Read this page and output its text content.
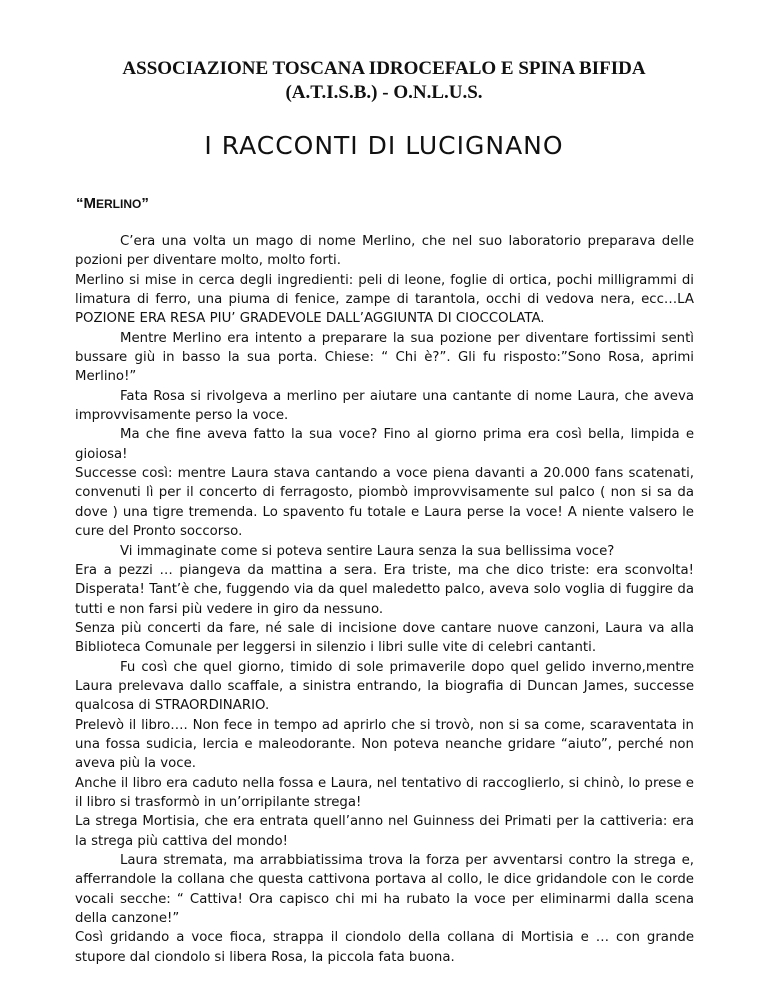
ASSOCIAZIONE TOSCANA IDROCEFALO E SPINA BIFIDA
(A.T.I.S.B.) - O.N.L.U.S.
I RACCONTI DI LUCIGNANO
“MERLINO”

C’era una volta un mago di nome Merlino, che nel suo laboratorio preparava delle pozioni per diventare molto, molto forti.

Merlino si mise in cerca degli ingredienti: peli di leone, foglie di ortica, pochi milligrammi di limatura di ferro, una piuma di fenice, zampe di tarantola, occhi di vedova nera, ecc…LA POZIONE ERA RESA PIU’ GRADEVOLE DALL’AGGIUNTA DI CIOCCOLATA.

Mentre Merlino era intento a preparare la sua pozione per diventare fortissimi sentì bussare giù in basso la sua porta. Chiese: “ Chi è?”. Gli fu risposto:”Sono Rosa, aprimi Merlino!”

Fata Rosa si rivolgeva a merlino per aiutare una cantante di nome Laura, che aveva improvvisamente perso la voce.

Ma che fine aveva fatto la sua voce? Fino al giorno prima era così bella, limpida e gioiosa!

Successe così: mentre Laura stava cantando a voce piena davanti a 20.000 fans scatenati, convenuti lì per il concerto di ferragosto, piombò improvvisamente sul palco ( non si sa da dove ) una tigre tremenda. Lo spavento fu totale e Laura perse la voce! A niente valsero le cure del Pronto soccorso.

Vi immaginate come si poteva sentire Laura senza la sua bellissima voce?

Era a pezzi … piangeva da mattina a sera. Era triste, ma che dico triste: era sconvolta! Disperata! Tant’è che, fuggendo via da quel maledetto palco, aveva solo voglia di fuggire da tutti e non farsi più vedere in giro da nessuno.

Senza più concerti da fare, né sale di incisione dove cantare nuove canzoni, Laura va alla Biblioteca Comunale per leggersi in silenzio i libri sulle vite di celebri cantanti.

Fu così che quel giorno, timido di sole primaverile dopo quel gelido inverno,mentre Laura prelevava dallo scaffale, a sinistra entrando, la biografia di Duncan James, successe qualcosa di STRAORDINARIO.

Prelevò il libro…. Non fece in tempo ad aprirlo che si trovò, non si sa come, scaraventata in una fossa sudicia, lercia e maleodorante. Non poteva neanche gridare “aiuto”, perché non aveva più la voce.

Anche il libro era caduto nella fossa e Laura, nel tentativo di raccoglierlo, si chinò, lo prese e il libro si trasformò in un’orripilante strega!

La strega Mortisia, che era entrata quell’anno nel Guinness dei Primati per la cattiveria: era la strega più cattiva del mondo!

Laura stremata, ma arrabbiatissima trova la forza per avventarsi contro la strega e, afferrandole la collana che questa cattivona portava al collo, le dice gridandole con le corde vocali secche: “ Cattiva! Ora capisco chi mi ha rubato la voce per eliminarmi dalla scena della canzone!”

Così gridando a voce fioca, strappa il ciondolo della collana di Mortisia e … con grande stupore dal ciondolo si libera Rosa, la piccola fata buona.
